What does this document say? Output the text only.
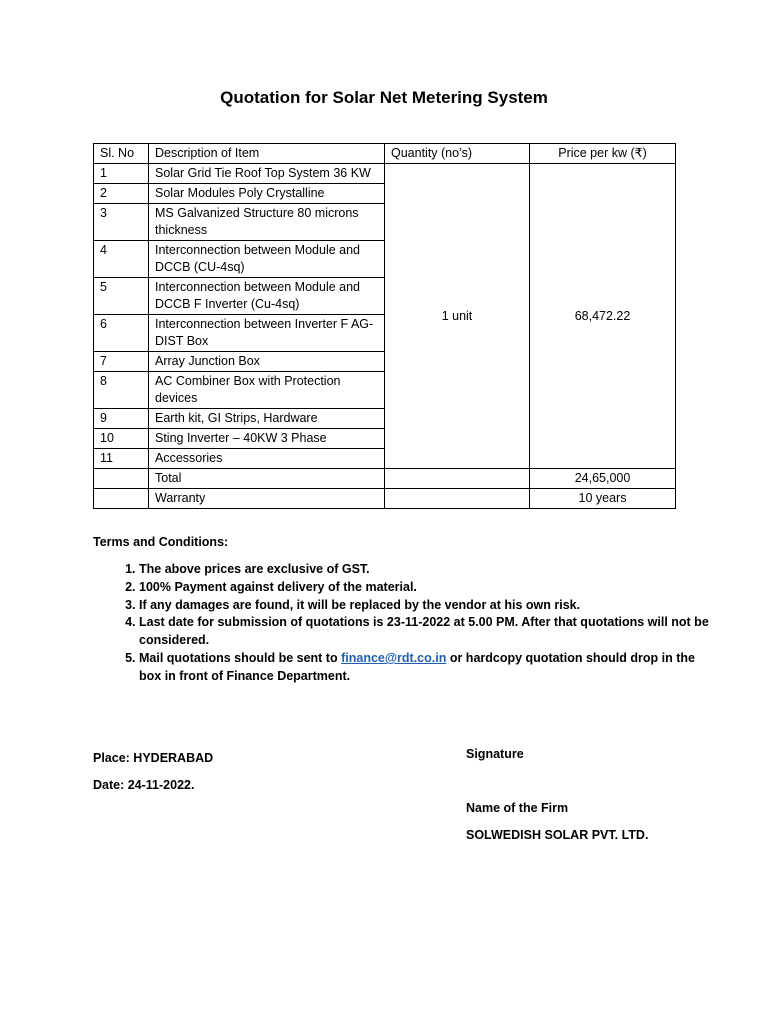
Quotation for Solar Net Metering System
Sl. No	Description of Item	Quantity (no’s)	Price per kw (₹)
1	Solar Grid Tie Roof Top System 36 KW	1 unit	68,472.22
2	Solar Modules Poly Crystalline		
3	MS Galvanized Structure 80 microns thickness		
4	Interconnection between Module and DCCB (CU-4sq)		
5	Interconnection between Module and DCCB F Inverter (Cu-4sq)		
6	Interconnection between Inverter F AG-DIST Box		
7	Array Junction Box		
8	AC Combiner Box with Protection devices		
9	Earth kit, GI Strips, Hardware		
10	Sting Inverter – 40KW 3 Phase		
11	Accessories		
	Total		24,65,000
	Warranty		10 years
Terms and Conditions:
1. The above prices are exclusive of GST.
2. 100% Payment against delivery of the material.
3. If any damages are found, it will be replaced by the vendor at his own risk.
4. Last date for submission of quotations is 23-11-2022 at 5.00 PM. After that quotations will not be considered.
5. Mail quotations should be sent to finance@rdt.co.in or hardcopy quotation should drop in the box in front of Finance Department.
Place: HYDERABAD
Date: 24-11-2022.
Signature
Name of the Firm
SOLWEDISH SOLAR PVT. LTD.
